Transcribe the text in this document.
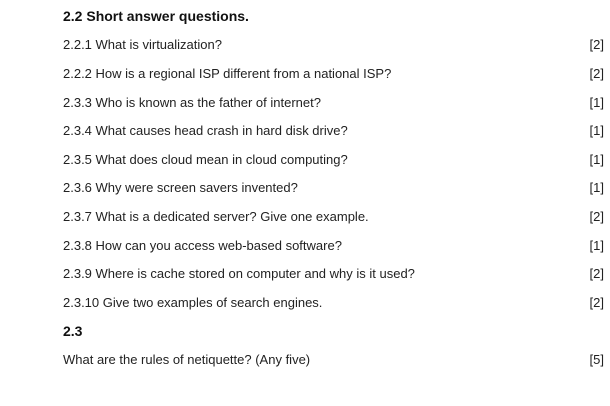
2.2 Short answer questions.
2.2.1 What is virtualization?	[2]
2.2.2 How is a regional ISP different from a national ISP?	[2]
2.3.3 Who is known as the father of internet?	[1]
2.3.4 What causes head crash in hard disk drive?	[1]
2.3.5 What does cloud mean in cloud computing?	[1]
2.3.6 Why were screen savers invented?	[1]
2.3.7 What is a dedicated server? Give one example.	[2]
2.3.8 How can you access web-based software?	[1]
2.3.9 Where is cache stored on computer and why is it used?	[2]
2.3.10 Give two examples of search engines.	[2]
2.3
What are the rules of netiquette? (Any five)	[5]
